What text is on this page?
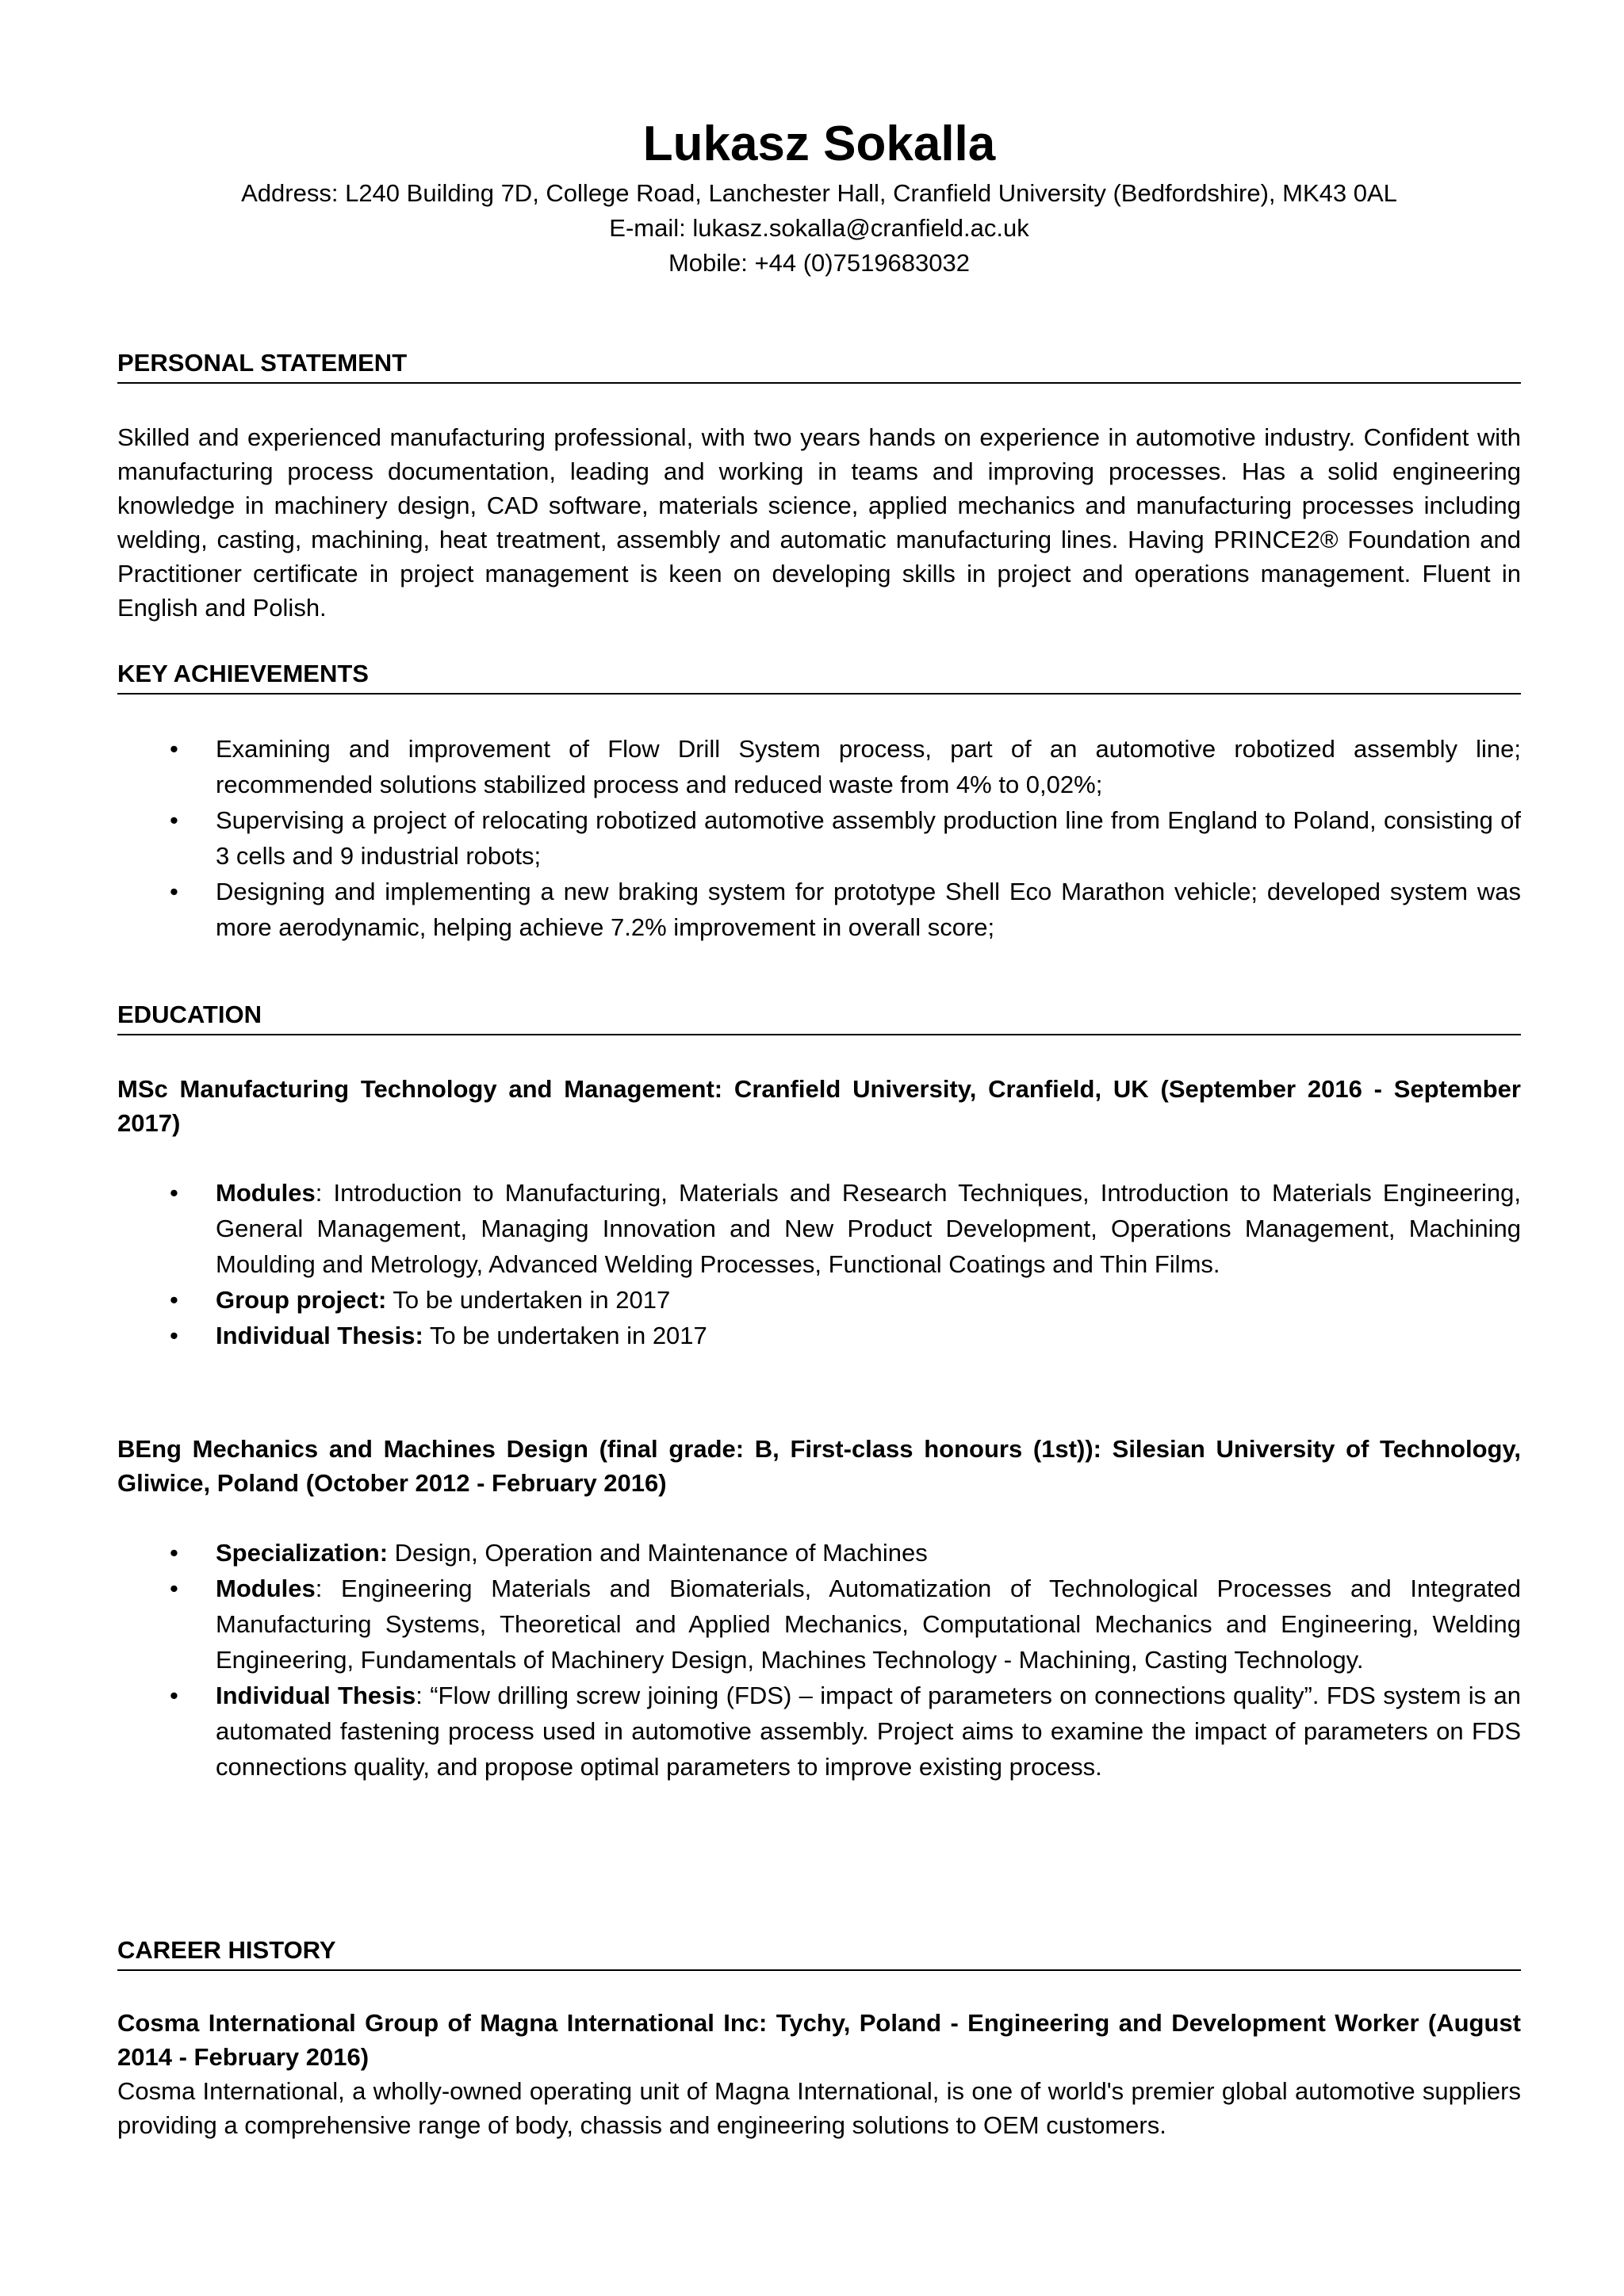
Lukasz Sokalla
Address: L240 Building 7D, College Road, Lanchester Hall, Cranfield University (Bedfordshire), MK43 0AL
E-mail: lukasz.sokalla@cranfield.ac.uk
Mobile: +44 (0)7519683032
PERSONAL STATEMENT

Skilled and experienced manufacturing professional, with two years hands on experience in automotive industry. Confident with manufacturing process documentation, leading and working in teams and improving processes. Has a solid engineering knowledge in machinery design, CAD software, materials science, applied mechanics and manufacturing processes including welding, casting, machining, heat treatment, assembly and automatic manufacturing lines. Having PRINCE2® Foundation and Practitioner certificate in project management is keen on developing skills in project and operations management. Fluent in English and Polish.

KEY ACHIEVEMENTS
• Examining and improvement of Flow Drill System process, part of an automotive robotized assembly line; recommended solutions stabilized process and reduced waste from 4% to 0,02%;
• Supervising a project of relocating robotized automotive assembly production line from England to Poland, consisting of 3 cells and 9 industrial robots;
• Designing and implementing a new braking system for prototype Shell Eco Marathon vehicle; developed system was more aerodynamic, helping achieve 7.2% improvement in overall score;
EDUCATION
MSc Manufacturing Technology and Management: Cranfield University, Cranfield, UK (September 2016 - September 2017)
• Modules: Introduction to Manufacturing, Materials and Research Techniques, Introduction to Materials Engineering, General Management, Managing Innovation and New Product Development, Operations Management, Machining Moulding and Metrology, Advanced Welding Processes, Functional Coatings and Thin Films.
• Group project: To be undertaken in 2017
• Individual Thesis: To be undertaken in 2017
BEng Mechanics and Machines Design (final grade: B, First-class honours (1st)): Silesian University of Technology, Gliwice, Poland (October 2012 - February 2016)
• Specialization: Design, Operation and Maintenance of Machines
• Modules: Engineering Materials and Biomaterials, Automatization of Technological Processes and Integrated Manufacturing Systems, Theoretical and Applied Mechanics, Computational Mechanics and Engineering, Welding Engineering, Fundamentals of Machinery Design, Machines Technology - Machining, Casting Technology.
• Individual Thesis: “Flow drilling screw joining (FDS) – impact of parameters on connections quality”. FDS system is an automated fastening process used in automotive assembly. Project aims to examine the impact of parameters on FDS connections quality, and propose optimal parameters to improve existing process.
CAREER HISTORY
Cosma International Group of Magna International Inc: Tychy, Poland - Engineering and Development Worker (August 2014 - February 2016)

Cosma International, a wholly-owned operating unit of Magna International, is one of world's premier global automotive suppliers providing a comprehensive range of body, chassis and engineering solutions to OEM customers.
